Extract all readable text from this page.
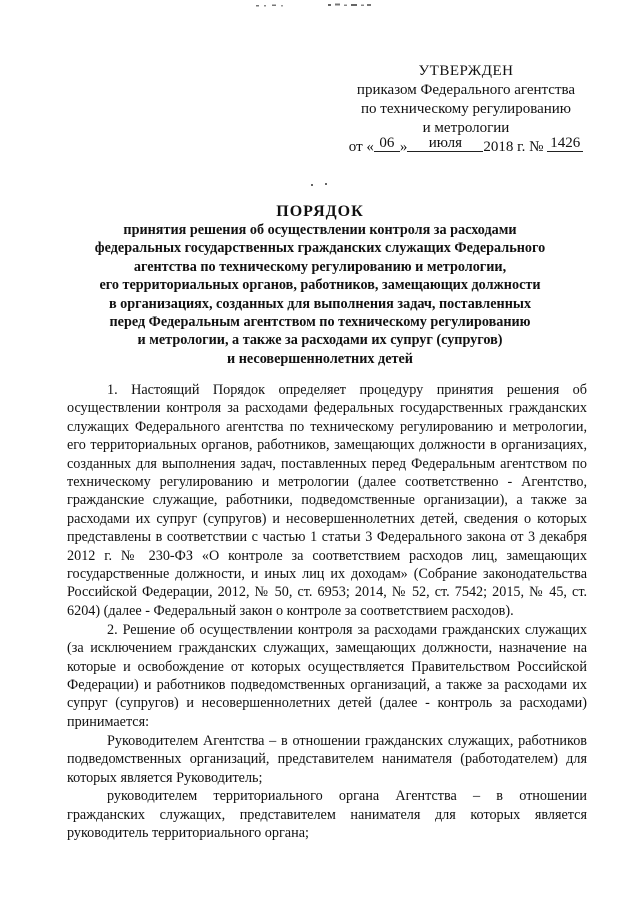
УТВЕРЖДЕН
приказом Федерального агентства
по техническому регулированию
и метрологии
от « 06 » июля 2018 г. № 1426
ПОРЯДОК
принятия решения об осуществлении контроля за расходами
федеральных государственных гражданских служащих Федерального
агентства по техническому регулированию и метрологии,
его территориальных органов, работников, замещающих должности
в организациях, созданных для выполнения задач, поставленных
перед Федеральным агентством по техническому регулированию
и метрологии, а также за расходами их супруг (супругов)
и несовершеннолетних детей

1. Настоящий Порядок определяет процедуру принятия решения об осуществлении контроля за расходами федеральных государственных гражданских служащих Федерального агентства по техническому регулированию и метрологии, его территориальных органов, работников, замещающих должности в организациях, созданных для выполнения задач, поставленных перед Федеральным агентством по техническому регулированию и метрологии (далее соответственно - Агентство, гражданские служащие, работники, подведомственные организации), а также за расходами их супруг (супругов) и несовершеннолетних детей, сведения о которых представлены в соответствии с частью 1 статьи 3 Федерального закона от 3 декабря 2012 г. № 230-ФЗ «О контроле за соответствием расходов лиц, замещающих государственные должности, и иных лиц их доходам» (Собрание законодательства Российской Федерации, 2012, № 50, ст. 6953; 2014, № 52, ст. 7542; 2015, № 45, ст. 6204) (далее - Федеральный закон о контроле за соответствием расходов).

2. Решение об осуществлении контроля за расходами гражданских служащих (за исключением гражданских служащих, замещающих должности, назначение на которые и освобождение от которых осуществляется Правительством Российской Федерации) и работников подведомственных организаций, а также за расходами их супруг (супругов) и несовершеннолетних детей (далее - контроль за расходами) принимается:

Руководителем Агентства – в отношении гражданских служащих, работников подведомственных организаций, представителем нанимателя (работодателем) для которых является Руководитель;

руководителем территориального органа Агентства – в отношении гражданских служащих, представителем нанимателя для которых является руководитель территориального органа;
